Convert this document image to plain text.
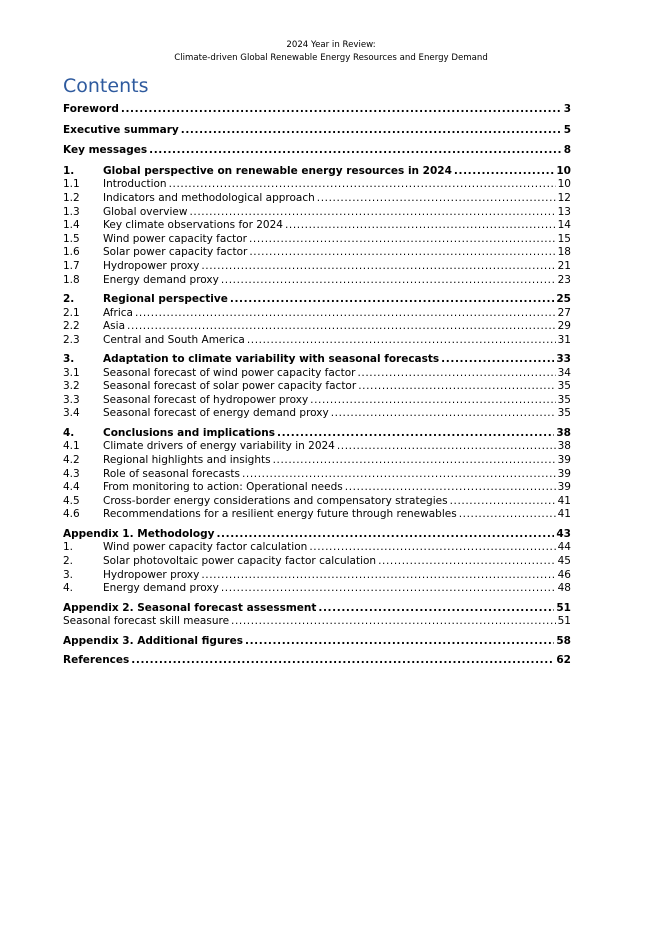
2024 Year in Review:
Climate-driven Global Renewable Energy Resources and Energy Demand
Contents
Foreword .....	3
Executive summary .....	5
Key messages .....	8
1.	Global perspective on renewable energy resources in 2024 .....	10
1.1	Introduction .....	10
1.2	Indicators and methodological approach .....	12
1.3	Global overview .....	13
1.4	Key climate observations for 2024 .....	14
1.5	Wind power capacity factor .....	15
1.6	Solar power capacity factor .....	18
1.7	Hydropower proxy .....	21
1.8	Energy demand proxy .....	23
2.	Regional perspective .....	25
2.1	Africa .....	27
2.2	Asia .....	29
2.3	Central and South America .....	31
3.	Adaptation to climate variability with seasonal forecasts .....	33
3.1	Seasonal forecast of wind power capacity factor .....	34
3.2	Seasonal forecast of solar power capacity factor .....	35
3.3	Seasonal forecast of hydropower proxy .....	35
3.4	Seasonal forecast of energy demand proxy .....	35
4.	Conclusions and implications .....	38
4.1	Climate drivers of energy variability in 2024 .....	38
4.2	Regional highlights and insights .....	39
4.3	Role of seasonal forecasts .....	39
4.4	From monitoring to action: Operational needs .....	39
4.5	Cross-border energy considerations and compensatory strategies .....	41
4.6	Recommendations for a resilient energy future through renewables .....	41
Appendix 1. Methodology .....	43
1.	Wind power capacity factor calculation .....	44
2.	Solar photovoltaic power capacity factor calculation .....	45
3.	Hydropower proxy .....	46
4.	Energy demand proxy .....	48
Appendix 2. Seasonal forecast assessment .....	51
Seasonal forecast skill measure .....	51
Appendix 3. Additional figures .....	58
References .....	62
